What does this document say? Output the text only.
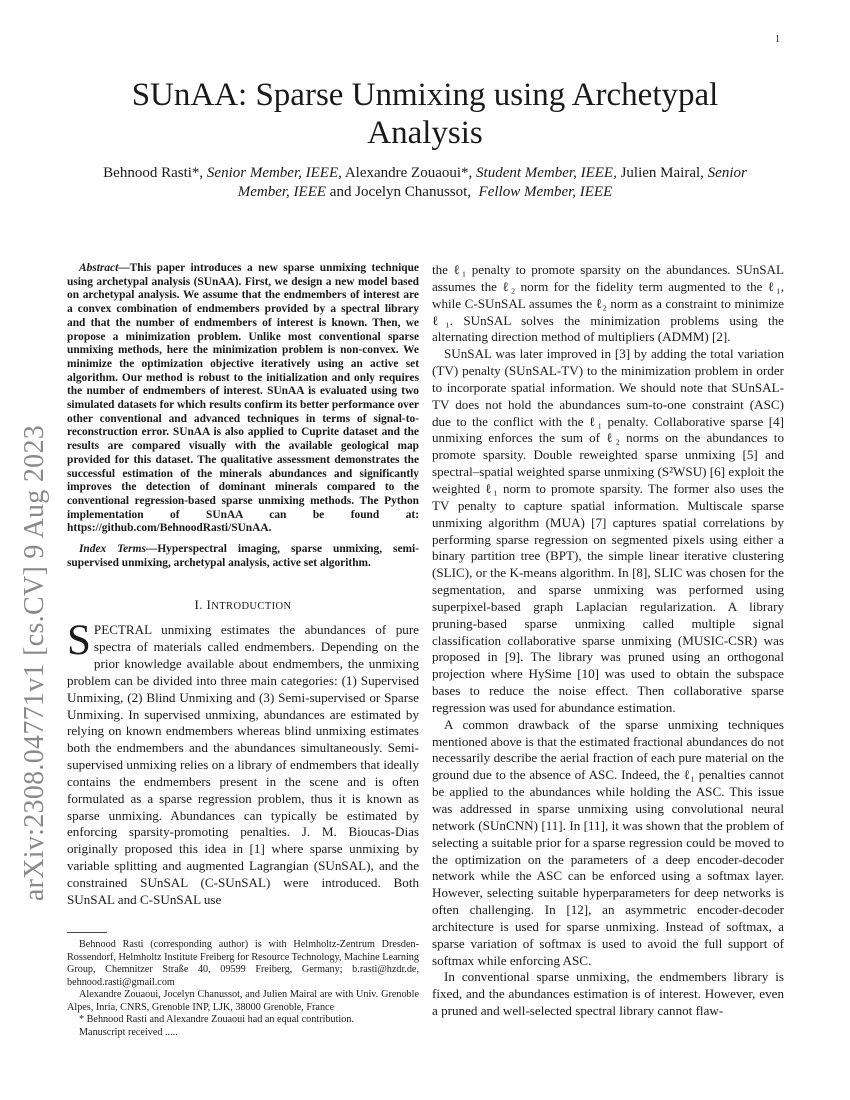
1
arXiv:2308.04771v1 [cs.CV] 9 Aug 2023
SUnAA: Sparse Unmixing using Archetypal Analysis
Behnood Rasti*, Senior Member, IEEE, Alexandre Zouaoui*, Student Member, IEEE, Julien Mairal, Senior Member, IEEE and Jocelyn Chanussot, Fellow Member, IEEE

Abstract—This paper introduces a new sparse unmixing technique using archetypal analysis (SUnAA). First, we design a new model based on archetypal analysis. We assume that the endmembers of interest are a convex combination of endmembers provided by a spectral library and that the number of endmembers of interest is known. Then, we propose a minimization problem. Unlike most conventional sparse unmixing methods, here the minimization problem is non-convex. We minimize the optimization objective iteratively using an active set algorithm. Our method is robust to the initialization and only requires the number of endmembers of interest. SUnAA is evaluated using two simulated datasets for which results confirm its better performance over other conventional and advanced techniques in terms of signal-to-reconstruction error. SUnAA is also applied to Cuprite dataset and the results are compared visually with the available geological map provided for this dataset. The qualitative assessment demonstrates the successful estimation of the minerals abundances and significantly improves the detection of dominant minerals compared to the conventional regression-based sparse unmixing methods. The Python implementation of SUnAA can be found at: https://github.com/BehnoodRasti/SUnAA.

Index Terms—Hyperspectral imaging, sparse unmixing, semi-supervised unmixing, archetypal analysis, active set algorithm.

I. INTRODUCTION

SPECTRAL unmixing estimates the abundances of pure spectra of materials called endmembers. Depending on the prior knowledge available about endmembers, the unmixing problem can be divided into three main categories: (1) Supervised Unmixing, (2) Blind Unmixing and (3) Semi-supervised or Sparse Unmixing. In supervised unmixing, abundances are estimated by relying on known endmembers whereas blind unmixing estimates both the endmembers and the abundances simultaneously. Semi-supervised unmixing relies on a library of endmembers that ideally contains the endmembers present in the scene and is often formulated as a sparse regression problem, thus it is known as sparse unmixing. Abundances can typically be estimated by enforcing sparsity-promoting penalties. J. M. Bioucas-Dias originally proposed this idea in [1] where sparse unmixing by variable splitting and augmented Lagrangian (SUnSAL), and the constrained SUnSAL (C-SUnSAL) were introduced. Both SUnSAL and C-SUnSAL use

Behnood Rasti (corresponding author) is with Helmholtz-Zentrum Dresden-Rossendorf, Helmholtz Institute Freiberg for Resource Technology, Machine Learning Group, Chemnitzer Straße 40, 09599 Freiberg, Germany; b.rasti@hzdr.de, behnood.rasti@gmail.com

Alexandre Zouaoui, Jocelyn Chanussot, and Julien Mairal are with Univ. Grenoble Alpes, Inria, CNRS, Grenoble INP, LJK, 38000 Grenoble, France

* Behnood Rasti and Alexandre Zouaoui had an equal contribution.

Manuscript received .....

the ℓ₁ penalty to promote sparsity on the abundances. SUnSAL assumes the ℓ₂ norm for the fidelity term augmented to the ℓ₁, while C-SUnSAL assumes the ℓ₂ norm as a constraint to minimize ℓ₁. SUnSAL solves the minimization problems using the alternating direction method of multipliers (ADMM) [2].

SUnSAL was later improved in [3] by adding the total variation (TV) penalty (SUnSAL-TV) to the minimization problem in order to incorporate spatial information. We should note that SUnSAL-TV does not hold the abundances sum-to-one constraint (ASC) due to the conflict with the ℓ₁ penalty. Collaborative sparse [4] unmixing enforces the sum of ℓ₂ norms on the abundances to promote sparsity. Double reweighted sparse unmixing [5] and spectral–spatial weighted sparse unmixing (S²WSU) [6] exploit the weighted ℓ₁ norm to promote sparsity. The former also uses the TV penalty to capture spatial information. Multiscale sparse unmixing algorithm (MUA) [7] captures spatial correlations by performing sparse regression on segmented pixels using either a binary partition tree (BPT), the simple linear iterative clustering (SLIC), or the K-means algorithm. In [8], SLIC was chosen for the segmentation, and sparse unmixing was performed using superpixel-based graph Laplacian regularization. A library pruning-based sparse unmixing called multiple signal classification collaborative sparse unmixing (MUSIC-CSR) was proposed in [9]. The library was pruned using an orthogonal projection where HySime [10] was used to obtain the subspace bases to reduce the noise effect. Then collaborative sparse regression was used for abundance estimation.

A common drawback of the sparse unmixing techniques mentioned above is that the estimated fractional abundances do not necessarily describe the aerial fraction of each pure material on the ground due to the absence of ASC. Indeed, the ℓ₁ penalties cannot be applied to the abundances while holding the ASC. This issue was addressed in sparse unmixing using convolutional neural network (SUnCNN) [11]. In [11], it was shown that the problem of selecting a suitable prior for a sparse regression could be moved to the optimization on the parameters of a deep encoder-decoder network while the ASC can be enforced using a softmax layer. However, selecting suitable hyperparameters for deep networks is often challenging. In [12], an asymmetric encoder-decoder architecture is used for sparse unmixing. Instead of softmax, a sparse variation of softmax is used to avoid the full support of softmax while enforcing ASC.

In conventional sparse unmixing, the endmembers library is fixed, and the abundances estimation is of interest. However, even a pruned and well-selected spectral library cannot flaw-
